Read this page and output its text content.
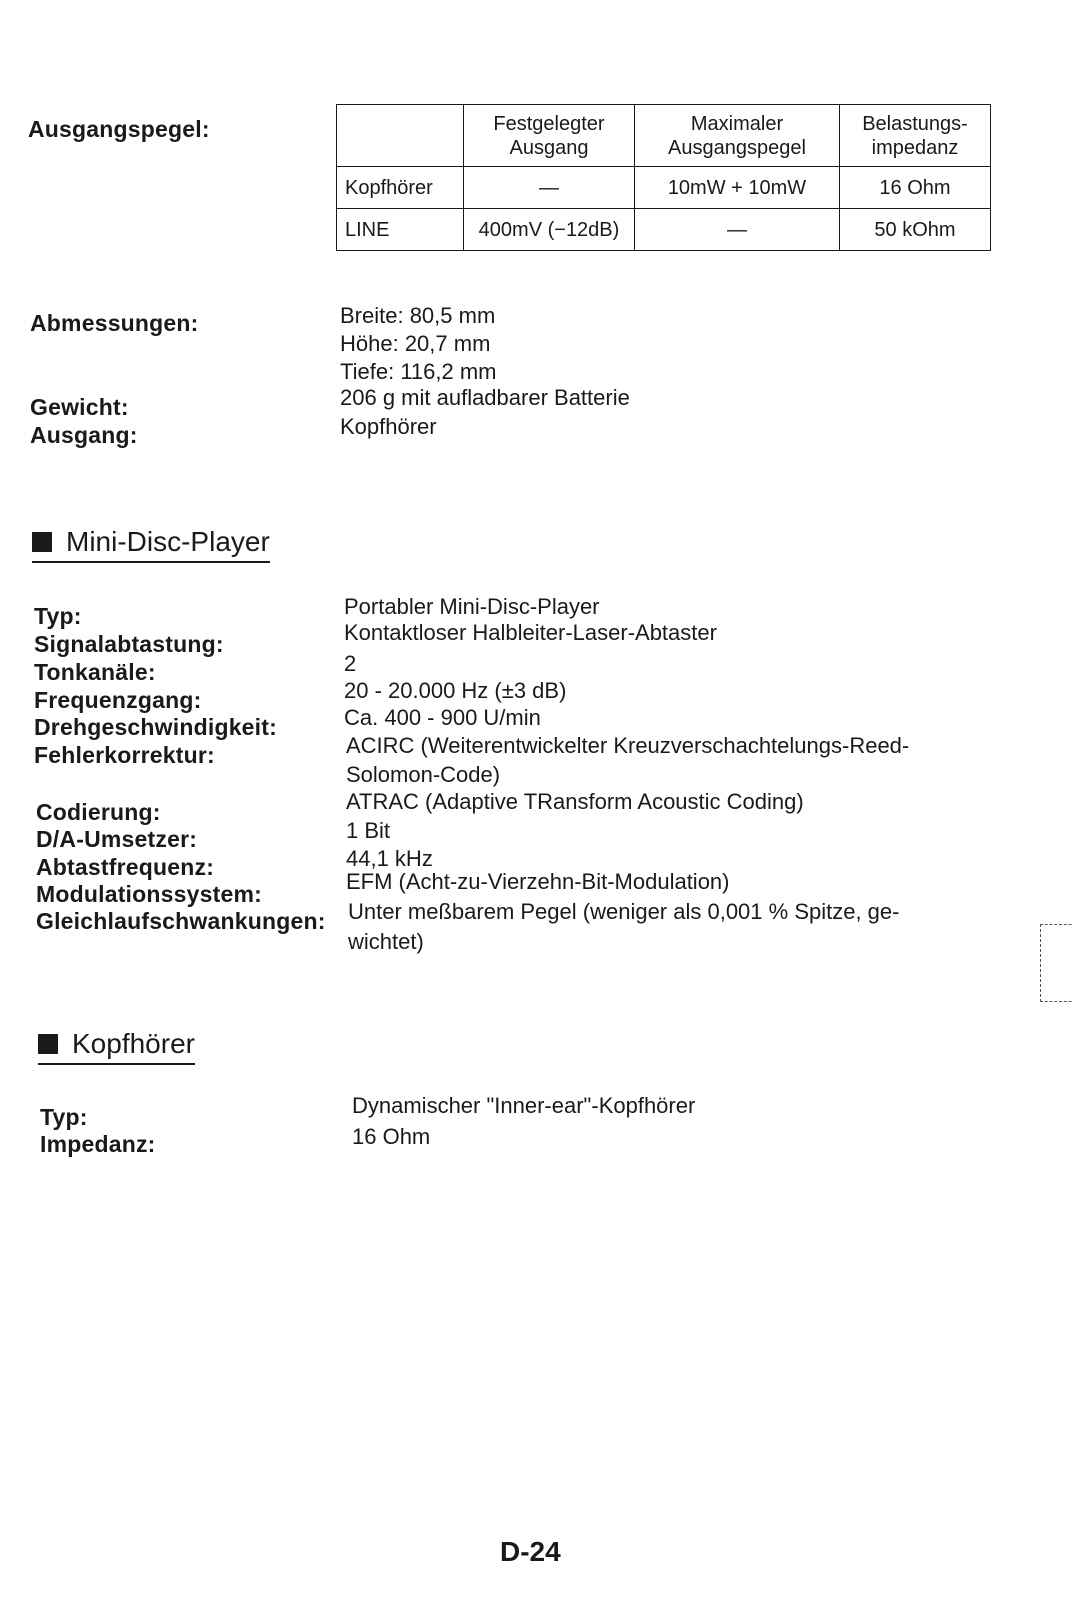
Ausgangspegel:
		Festgelegter Ausgang	Maximaler Ausgangspegel	Belastungs- impedanz
Kopfhörer	—	10mW + 10mW	16 Ohm
LINE	400mV (−12dB)	—	50 kOhm
Abmessungen:	Breite: 80,5 mm
Höhe: 20,7 mm
Tiefe: 116,2 mm
Gewicht:	206 g mit aufladbarer Batterie
Ausgang:	Kopfhörer
Mini-Disc-Player
Typ:	Portabler Mini-Disc-Player
Signalabtastung:	Kontaktloser Halbleiter-Laser-Abtaster
Tonkanäle:	2
Frequenzgang:	20 - 20.000 Hz (±3 dB)
Drehgeschwindigkeit:	Ca. 400 - 900 U/min
Fehlerkorrektur:	ACIRC (Weiterentwickelter Kreuzverschachtelungs-Reed-
Solomon-Code)
Codierung:	ATRAC (Adaptive TRansform Acoustic Coding)
D/A-Umsetzer:	1 Bit
Abtastfrequenz:	44,1 kHz
Modulationssystem:	EFM (Acht-zu-Vierzehn-Bit-Modulation)
Gleichlaufschwankungen: Unter meßbarem Pegel (weniger als 0,001 % Spitze, ge-
wichtet)
Kopfhörer
Typ:	Dynamischer "Inner-ear"-Kopfhörer
Impedanz:	16 Ohm
D-24
